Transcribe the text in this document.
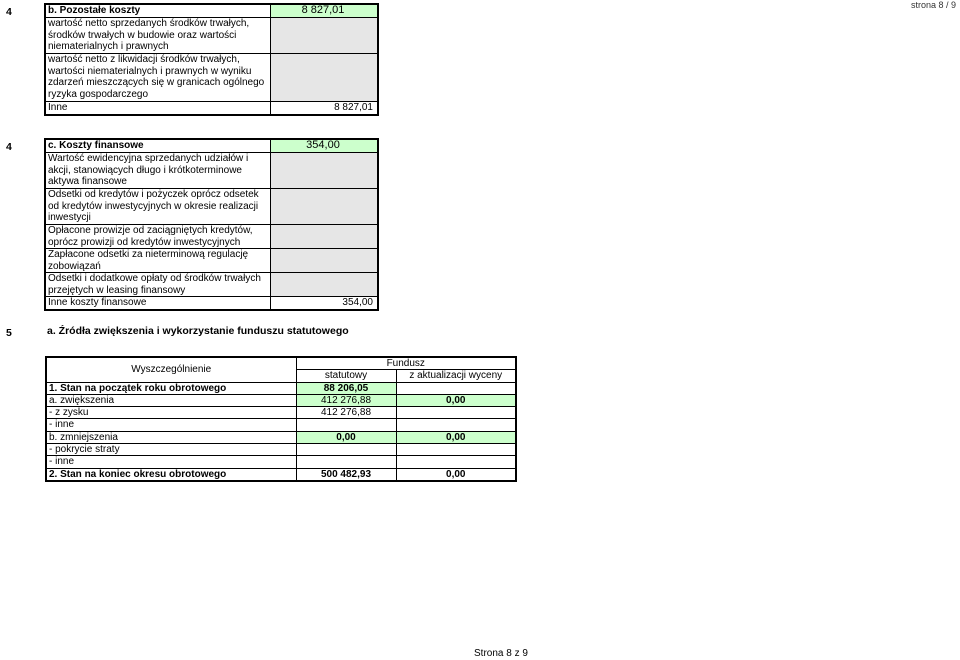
strona 8 / 9
4	b. Pozostałe koszty	8 827,01
wartość netto sprzedanych środków trwałych, środków trwałych w budowie oraz wartości niematerialnych i prawnych	
wartość netto z likwidacji środków trwałych, wartości niematerialnych i prawnych w wyniku zdarzeń mieszczących się w granicach ogólnego ryzyka gospodarczego	
Inne	8 827,01
4	c. Koszty finansowe	354,00
Wartość ewidencyjna sprzedanych udziałów i akcji, stanowiących długo i krótkoterminowe aktywa finansowe	
Odsetki od kredytów i pożyczek oprócz odsetek od kredytów inwestycyjnych w okresie realizacji inwestycji	
Opłacone prowizje od zaciągniętych kredytów, oprócz prowizji od kredytów inwestycyjnych	
Zapłacone odsetki za nieterminową regulację zobowiązań	
Odsetki i dodatkowe opłaty od środków trwałych przejętych w leasing finansowy	
Inne koszty finansowe	354,00
5	a. Źródła zwiększenia i wykorzystanie funduszu statutowego
Wyszczególnienie	Fundusz	
	statutowy	z aktualizacji wyceny
1. Stan na początek roku obrotowego	88 206,05	
a. zwiększenia	412 276,88	0,00
- z zysku	412 276,88	
- inne		
b. zmniejszenia	0,00	0,00
- pokrycie straty		
- inne		
2. Stan na koniec okresu obrotowego	500 482,93	0,00
Strona 8 z 9
